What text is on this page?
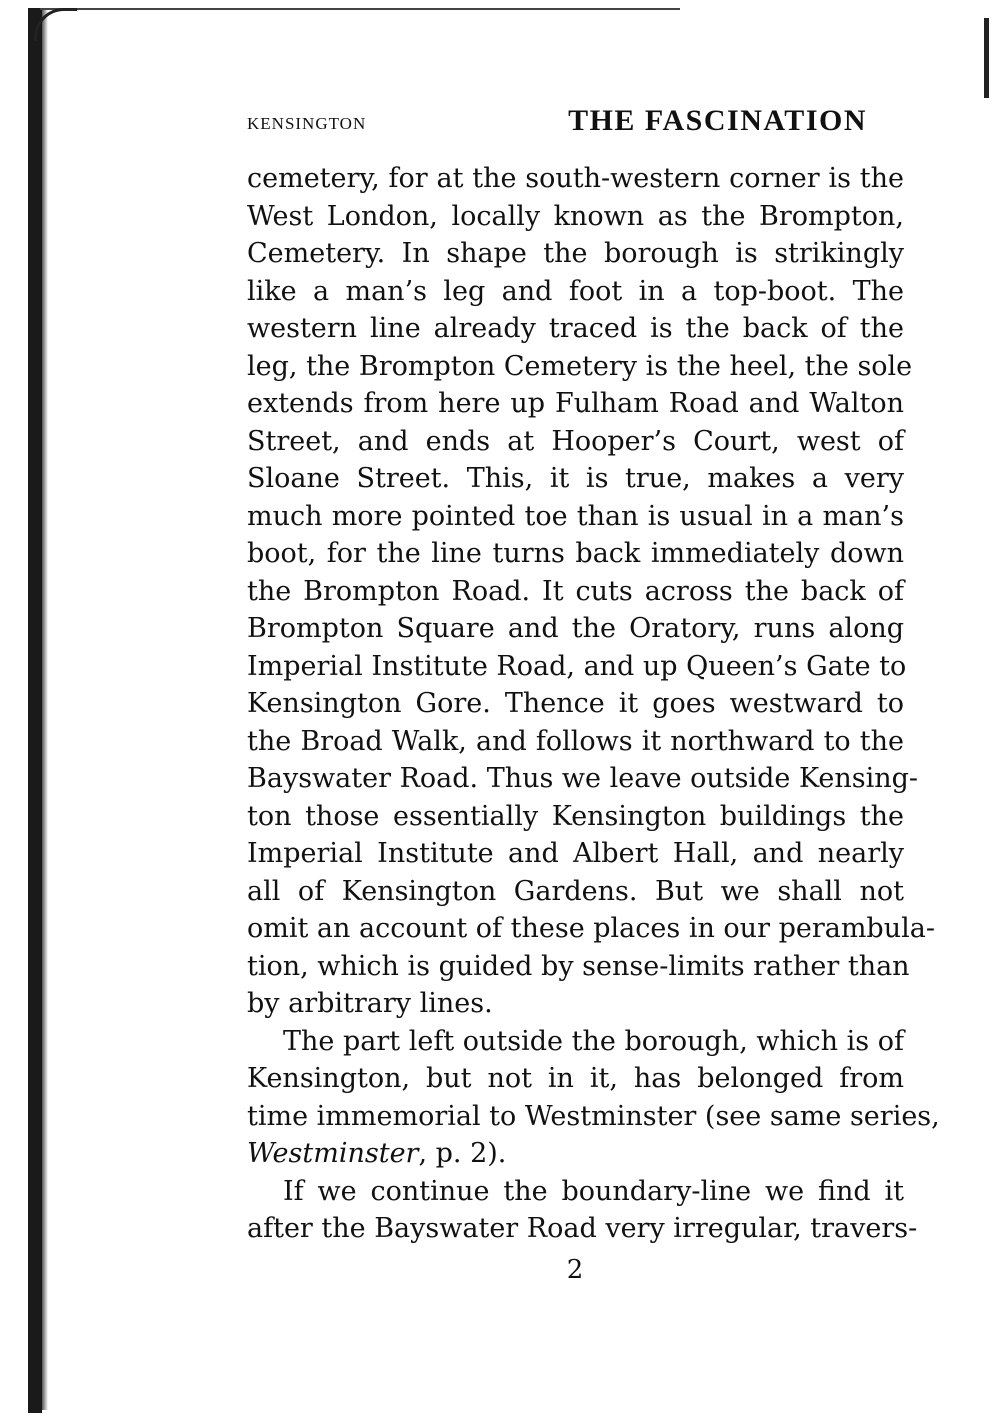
KENSINGTON	THE FASCINATION
cemetery, for at the south-western corner is the
West London, locally known as the Brompton,
Cemetery. In shape the borough is strikingly
like a man’s leg and foot in a top-boot. The
western line already traced is the back of the
leg, the Brompton Cemetery is the heel, the sole
extends from here up Fulham Road and Walton
Street, and ends at Hooper’s Court, west of
Sloane Street. This, it is true, makes a very
much more pointed toe than is usual in a man’s
boot, for the line turns back immediately down
the Brompton Road. It cuts across the back of
Brompton Square and the Oratory, runs along
Imperial Institute Road, and up Queen’s Gate to
Kensington Gore. Thence it goes westward to
the Broad Walk, and follows it northward to the
Bayswater Road. Thus we leave outside Kensing-
ton those essentially Kensington buildings the
Imperial Institute and Albert Hall, and nearly
all of Kensington Gardens. But we shall not
omit an account of these places in our perambula-
tion, which is guided by sense-limits rather than
by arbitrary lines.
The part left outside the borough, which is of
Kensington, but not in it, has belonged from
time immemorial to Westminster (see same series,
Westminster, p. 2).
If we continue the boundary-line we find it
after the Bayswater Road very irregular, travers-
2
